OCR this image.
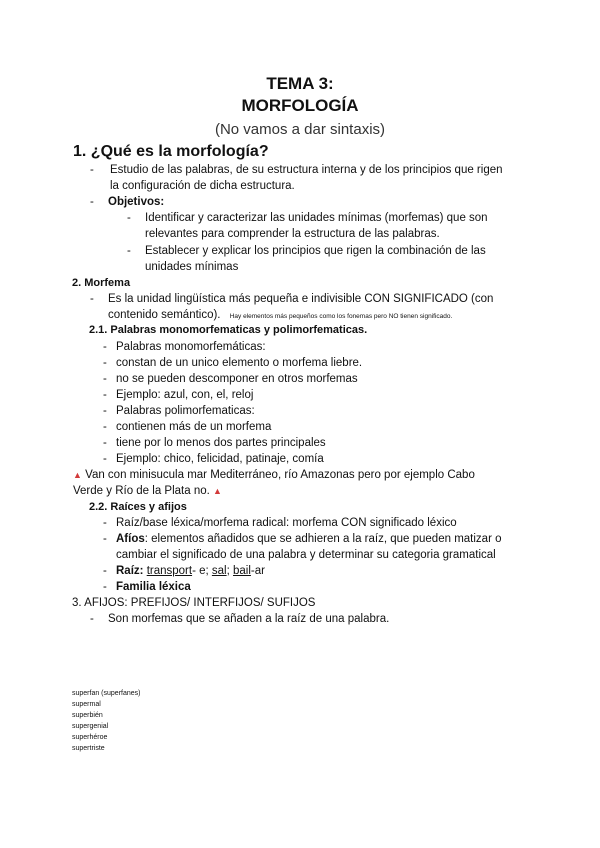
TEMA 3:
MORFOLOGÍA
(No vamos a dar sintaxis)
1. ¿Qué es la morfología?
- Estudio de las palabras, de su estructura interna y de los principios que rigen
la configuración de dicha estructura.
- Objetivos:
- Identificar y caracterizar las unidades mínimas (morfemas) que son
relevantes para comprender la estructura de las palabras.
- Establecer y explicar los principios que rigen la combinación de las
unidades mínimas
2. Morfema
- Es la unidad lingüística más pequeña e indivisible CON SIGNIFICADO (con
contenido semántico). Hay elementos más pequeños como los fonemas pero NO tienen significado.
2.1. Palabras monomorfematicas y polimorfematicas.
- Palabras monomorfemáticas:
- constan de un unico elemento o morfema liebre.
- no se pueden descomponer en otros morfemas
- Ejemplo: azul, con, el, reloj
- Palabras polimorfematicas:
- contienen más de un morfema
- tiene por lo menos dos partes principales
- Ejemplo: chico, felicidad, patinaje, comía
▲ Van con minisucula mar Mediterráneo, río Amazonas pero por ejemplo Cabo
Verde y Río de la Plata no. ▲
2.2. Raíces y afijos
- Raíz/base léxica/morfema radical: morfema CON significado léxico
- Afíos: elementos añadidos que se adhieren a la raíz, que pueden matizar o
cambiar el significado de una palabra y determinar su categoria gramatical
- Raíz: transport- e; sal; bail-ar
- Familia léxica
3. AFIJOS: PREFIJOS/ INTERFIJOS/ SUFIJOS
- Son morfemas que se añaden a la raíz de una palabra.
superfan (superfanes)
supermal
superbién
supergenial
superhéroe
supertriste
